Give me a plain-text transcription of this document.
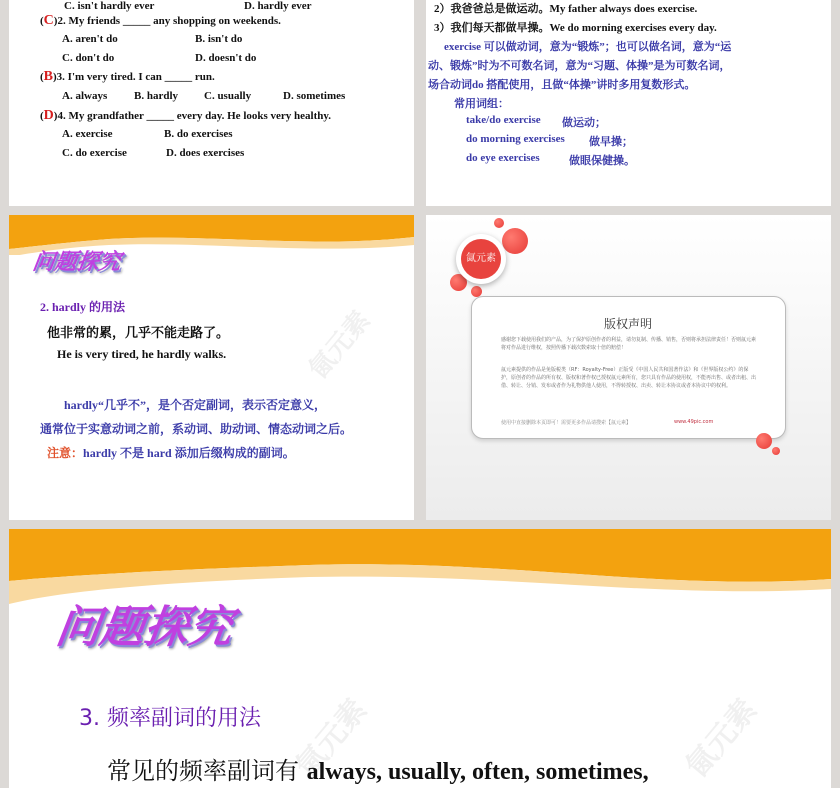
C. isn't hardly ever	D. hardly ever
(C)2. My friends _____ any shopping on weekends.
A. aren't do	B. isn't do
C. don't do	D. doesn't do
(B)3. I'm very tired. I can _____ run.
A. always B. hardly C. usually	D. sometimes
(D)4. My grandfather _____ every day. He looks very healthy.
A. exercise	B. do exercises
C. do exercise	D. does exercises
2）我爸爸总是做运动。My father always does exercise.
3）我们每天都做早操。We do morning exercises every day.
exercise 可以做动词，意为“锻炼”；也可以做名词，意为“运
动、锻炼”时为不可数名词，意为“习题、体操”是为可数名词，
场合动词do 搭配使用，且做“体操”讲时多用复数形式。
常用词组：
take/do exercise 做运动；
do morning exercises 做早操；
do eye exercises	做眼保健操。
问题探究
氤元素
2. hardly 的用法
他非常的累，几乎不能走路了。
He is very tired, he hardly walks.
hardly“几乎不”，是个否定副词，表示否定意义，
通常位于实意动词之前，系动词、助动词、情态动词之后。
注意：hardly 不是 hard 添加后缀构成的副词。
氤元素
版权声明
感谢您下载使用我们的产品，为了保护原创作者的利益，请勿复制、传播、销售，否则将承担法律责任！否则氤元素将对作品进行维权，按照传播下载次数索取十倍的赔偿！
氤元素提供的作品是免版税类（RF：Royalty-Free）正版受《中国人民共和国著作法》和《世界版权公约》的保护，原创者的作品的所有权、版权和著作权已授权氤元素所有，您只具有作品的使用权，不能再出售、或者出租、出借、转让、分销、发布或者作为礼物供他人使用，不得转授权、出卖、转让本协议或者本协议中的权利。
使用中直接删除本页即可！需要更多作品请搜索【氤元素】	www.49pic.com
问题探究
氤元素	氤元素
3. 频率副词的用法
常见的频率副词有 always, usually, often, sometimes,
